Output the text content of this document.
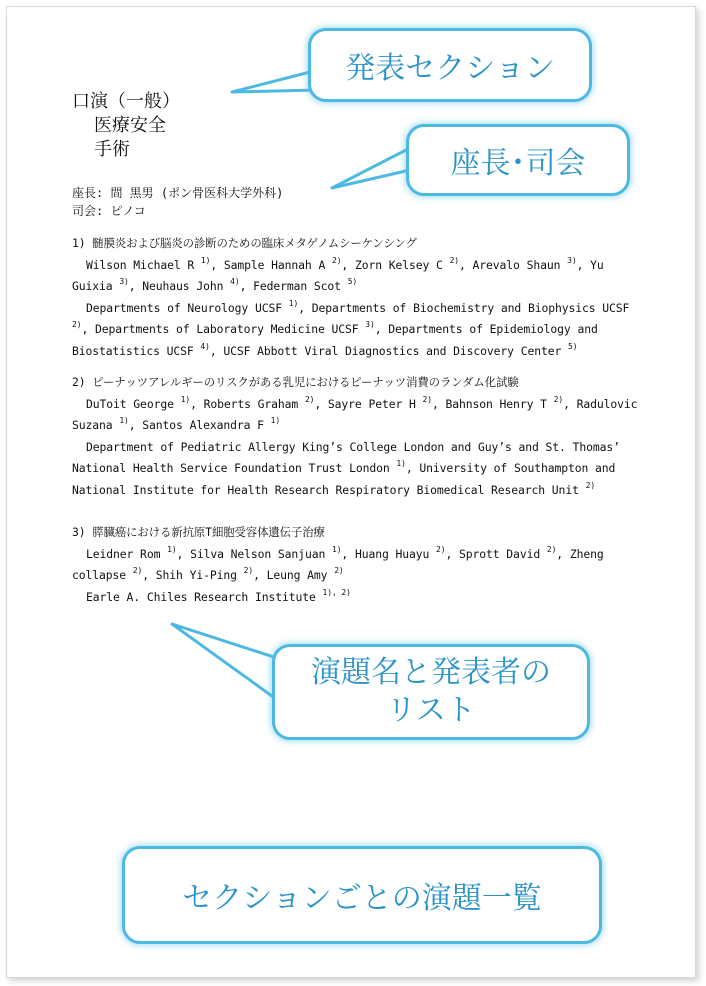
口演（一般）
医療安全
手術
座長: 間 黒男 (ポン骨医科大学外科)
司会: ピノコ

1) 髄膜炎および脳炎の診断のための臨床メタゲノムシーケンシング

Wilson Michael R $^{1)}$, Sample Hannah A $^{2)}$, Zorn Kelsey C $^{2)}$, Arevalo Shaun $^{3)}$, Yu Guixia $^{3)}$, Neuhaus John $^{4)}$, Federman Scot $^{5)}$

Departments of Neurology UCSF $^{1)}$, Departments of Biochemistry and Biophysics UCSF $^{2)}$, Departments of Laboratory Medicine UCSF $^{3)}$, Departments of Epidemiology and Biostatistics UCSF $^{4)}$, UCSF Abbott Viral Diagnostics and Discovery Center $^{5)}$

2) ピーナッツアレルギーのリスクがある乳児におけるピーナッツ消費のランダム化試験

DuToit George $^{1)}$, Roberts Graham $^{2)}$, Sayre Peter H $^{2)}$, Bahnson Henry T $^{2)}$, Radulovic Suzana $^{1)}$, Santos Alexandra F $^{1)}$

Department of Pediatric Allergy King’s College London and Guy’s and St. Thomas’ National Health Service Foundation Trust London $^{1)}$, University of Southampton and National Institute for Health Research Respiratory Biomedical Research Unit $^{2)}$

3) 膵臓癌における新抗原T細胞受容体遺伝子治療

Leidner Rom $^{1)}$, Silva Nelson Sanjuan $^{1)}$, Huang Huayu $^{2)}$, Sprott David $^{2)}$, Zheng collapse $^{2)}$, Shih Yi-Ping $^{2)}$, Leung Amy $^{2)}$

Earle A. Chiles Research Institute $^{1), 2)}$

発表セクション
座長･司会
演題名と発表者の
リスト
セクションごとの演題一覧
